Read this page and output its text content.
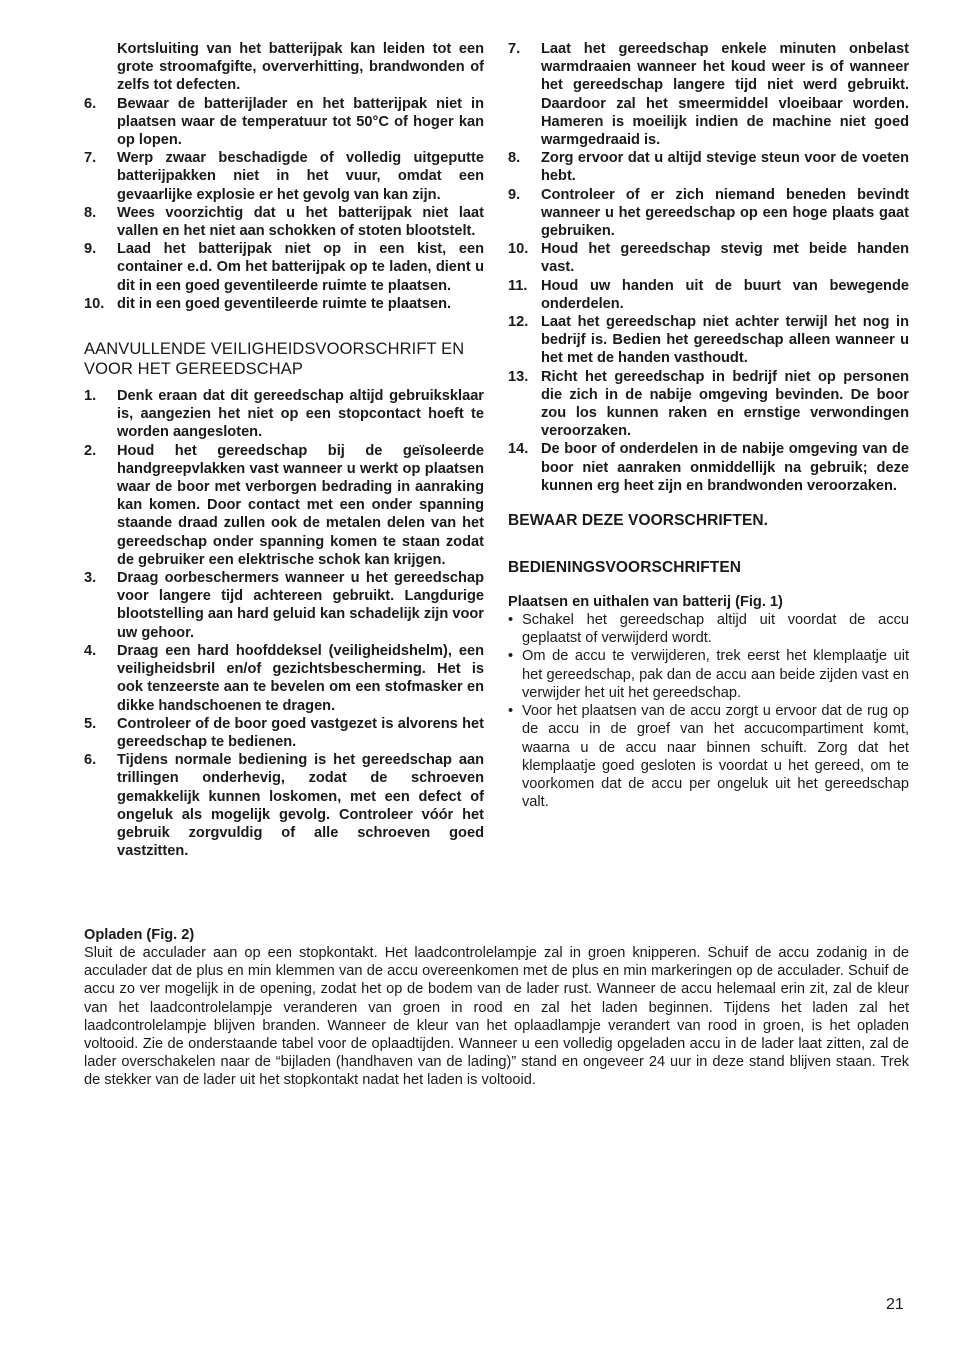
Kortsluiting van het batterijpak kan leiden tot een grote stroomafgifte, oververhitting, brandwonden of zelfs tot defecten.
6.	Bewaar de batterijlader en het batterijpak niet in plaatsen waar de temperatuur tot 50°C of hoger kan op lopen.
7.	Werp zwaar beschadigde of volledig uitgeputte batterijpakken niet in het vuur, omdat een gevaarlijke explosie er het gevolg van kan zijn.
8.	Wees voorzichtig dat u het batterijpak niet laat vallen en het niet aan schokken of stoten blootstelt.
9.	Laad het batterijpak niet op in een kist, een container e.d. Om het batterijpak op te laden, dient u dit in een goed geventileerde ruimte te plaatsen.
10. dit in een goed geventileerde ruimte te plaatsen.
AANVULLENDE VEILIGHEIDSVOORSCHRIFT EN VOOR HET GEREEDSCHAP
1.	Denk eraan dat dit gereedschap altijd gebruiksklaar is, aangezien het niet op een stopcontact hoeft te worden aangesloten.
2.	Houd het gereedschap bij de geïsoleerde handgreepvlakken vast wanneer u werkt op plaatsen waar de boor met verborgen bedrading in aanraking kan komen. Door contact met een onder spanning staande draad zullen ook de metalen delen van het gereedschap onder spanning komen te staan zodat de gebruiker een elektrische schok kan krijgen.
3.	Draag oorbeschermers wanneer u het gereedschap voor langere tijd achtereen gebruikt. Langdurige blootstelling aan hard geluid kan schadelijk zijn voor uw gehoor.
4.	Draag een hard hoofddeksel (veiligheidshelm), een veiligheidsbril en/of gezichtsbescherming. Het is ook tenzeerste aan te bevelen om een stofmasker en dikke handschoenen te dragen.
5.	Controleer of de boor goed vastgezet is alvorens het gereedschap te bedienen.
6.	Tijdens normale bediening is het gereedschap aan trillingen onderhevig, zodat de schroeven gemakkelijk kunnen loskomen, met een defect of ongeluk als mogelijk gevolg. Controleer vóór het gebruik zorgvuldig of alle schroeven goed vastzitten.
7.	Laat het gereedschap enkele minuten onbelast warmdraaien wanneer het koud weer is of wanneer het gereedschap langere tijd niet werd gebruikt. Daardoor zal het smeermiddel vloeibaar worden. Hameren is moeilijk indien de machine niet goed warmgedraaid is.
8.	Zorg ervoor dat u altijd stevige steun voor de voeten hebt.
9.	Controleer of er zich niemand beneden bevindt wanneer u het gereedschap op een hoge plaats gaat gebruiken.
10. Houd het gereedschap stevig met beide handen vast.
11. Houd uw handen uit de buurt van bewegende onderdelen.
12. Laat het gereedschap niet achter terwijl het nog in bedrijf is. Bedien het gereedschap alleen wanneer u het met de handen vasthoudt.
13. Richt het gereedschap in bedrijf niet op personen die zich in de nabije omgeving bevinden. De boor zou los kunnen raken en ernstige verwondingen veroorzaken.
14. De boor of onderdelen in de nabije omgeving van de boor niet aanraken onmiddellijk na gebruik; deze kunnen erg heet zijn en brandwonden veroorzaken.
BEWAAR DEZE VOORSCHRIFTEN.
BEDIENINGSVOORSCHRIFTEN
Plaatsen en uithalen van batterij (Fig. 1)
• Schakel het gereedschap altijd uit voordat de accu geplaatst of verwijderd wordt.
• Om de accu te verwijderen, trek eerst het klemplaatje uit het gereedschap, pak dan de accu aan beide zijden vast en verwijder het uit het gereedschap.
• Voor het plaatsen van de accu zorgt u ervoor dat de rug op de accu in de groef van het accucompartiment komt, waarna u de accu naar binnen schuift. Zorg dat het klemplaatje goed gesloten is voordat u het gereed, om te voorkomen dat de accu per ongeluk uit het gereedschap valt.
Opladen (Fig. 2)

Sluit de acculader aan op een stopkontakt. Het laadcontrolelampje zal in groen knipperen. Schuif de accu zodanig in de acculader dat de plus en min klemmen van de accu overeenkomen met de plus en min markeringen op de acculader. Schuif de accu zo ver mogelijk in de opening, zodat het op de bodem van de lader rust. Wanneer de accu helemaal erin zit, zal de kleur van het laadcontrolelampje veranderen van groen in rood en zal het laden beginnen. Tijdens het laden zal het laadcontrolelampje blijven branden. Wanneer de kleur van het oplaadlampje verandert van rood in groen, is het opladen voltooid. Zie de onderstaande tabel voor de oplaadtijden. Wanneer u een volledig opgeladen accu in de lader laat zitten, zal de lader overschakelen naar de “bijladen (handhaven van de lading)” stand en ongeveer 24 uur in deze stand blijven staan. Trek de stekker van de lader uit het stopkontakt nadat het laden is voltooid.

21
